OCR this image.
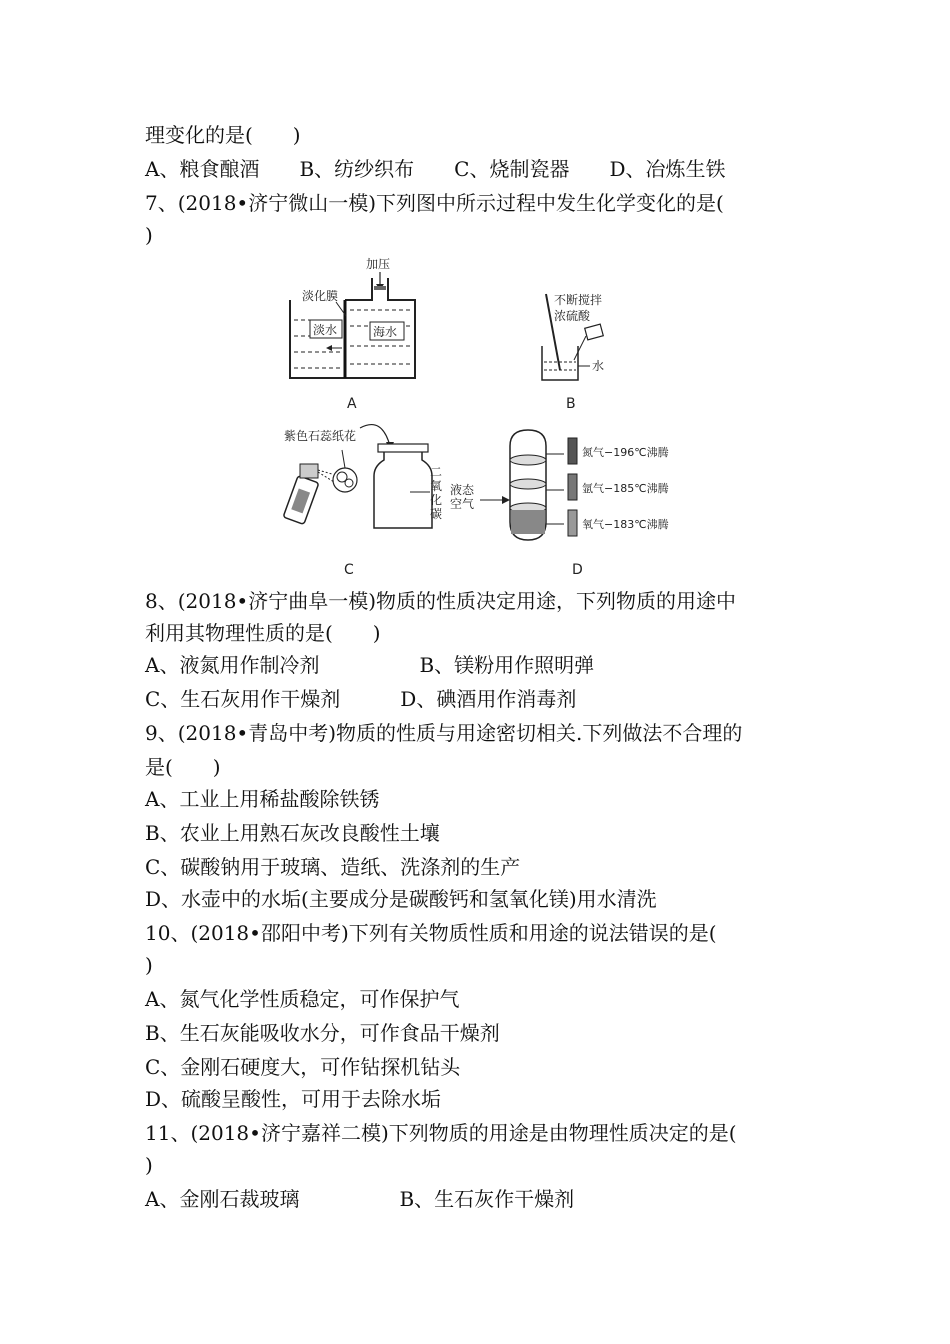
理变化的是(　　)
A、粮食酿酒　　B、纺纱织布　　C、烧制瓷器　　D、冶炼生铁
7、(2018•济宁微山一模)下列图中所示过程中发生化学变化的是(
)
加压
淡化膜
淡水	海水
A
不断搅拌
浓硫酸
水
B
紫色石蕊纸花
二
氧
化
碳
C
液态
空气
氮气−196℃沸腾
氩气−185℃沸腾
氧气−183℃沸腾
D
8、(2018•济宁曲阜一模)物质的性质决定用途，下列物质的用途中
利用其物理性质的是(　　)
A、液氮用作制冷剂　　　　　B、镁粉用作照明弹
C、生石灰用作干燥剂　　　D、碘酒用作消毒剂
9、(2018•青岛中考)物质的性质与用途密切相关.下列做法不合理的
是(　　)
A、工业上用稀盐酸除铁锈
B、农业上用熟石灰改良酸性土壤
C、碳酸钠用于玻璃、造纸、洗涤剂的生产
D、水壶中的水垢(主要成分是碳酸钙和氢氧化镁)用水清洗
10、(2018•邵阳中考)下列有关物质性质和用途的说法错误的是(
)
A、氮气化学性质稳定，可作保护气
B、生石灰能吸收水分，可作食品干燥剂
C、金刚石硬度大，可作钻探机钻头
D、硫酸呈酸性，可用于去除水垢
11、(2018•济宁嘉祥二模)下列物质的用途是由物理性质决定的是(
)
A、金刚石裁玻璃　　　　　B、生石灰作干燥剂
